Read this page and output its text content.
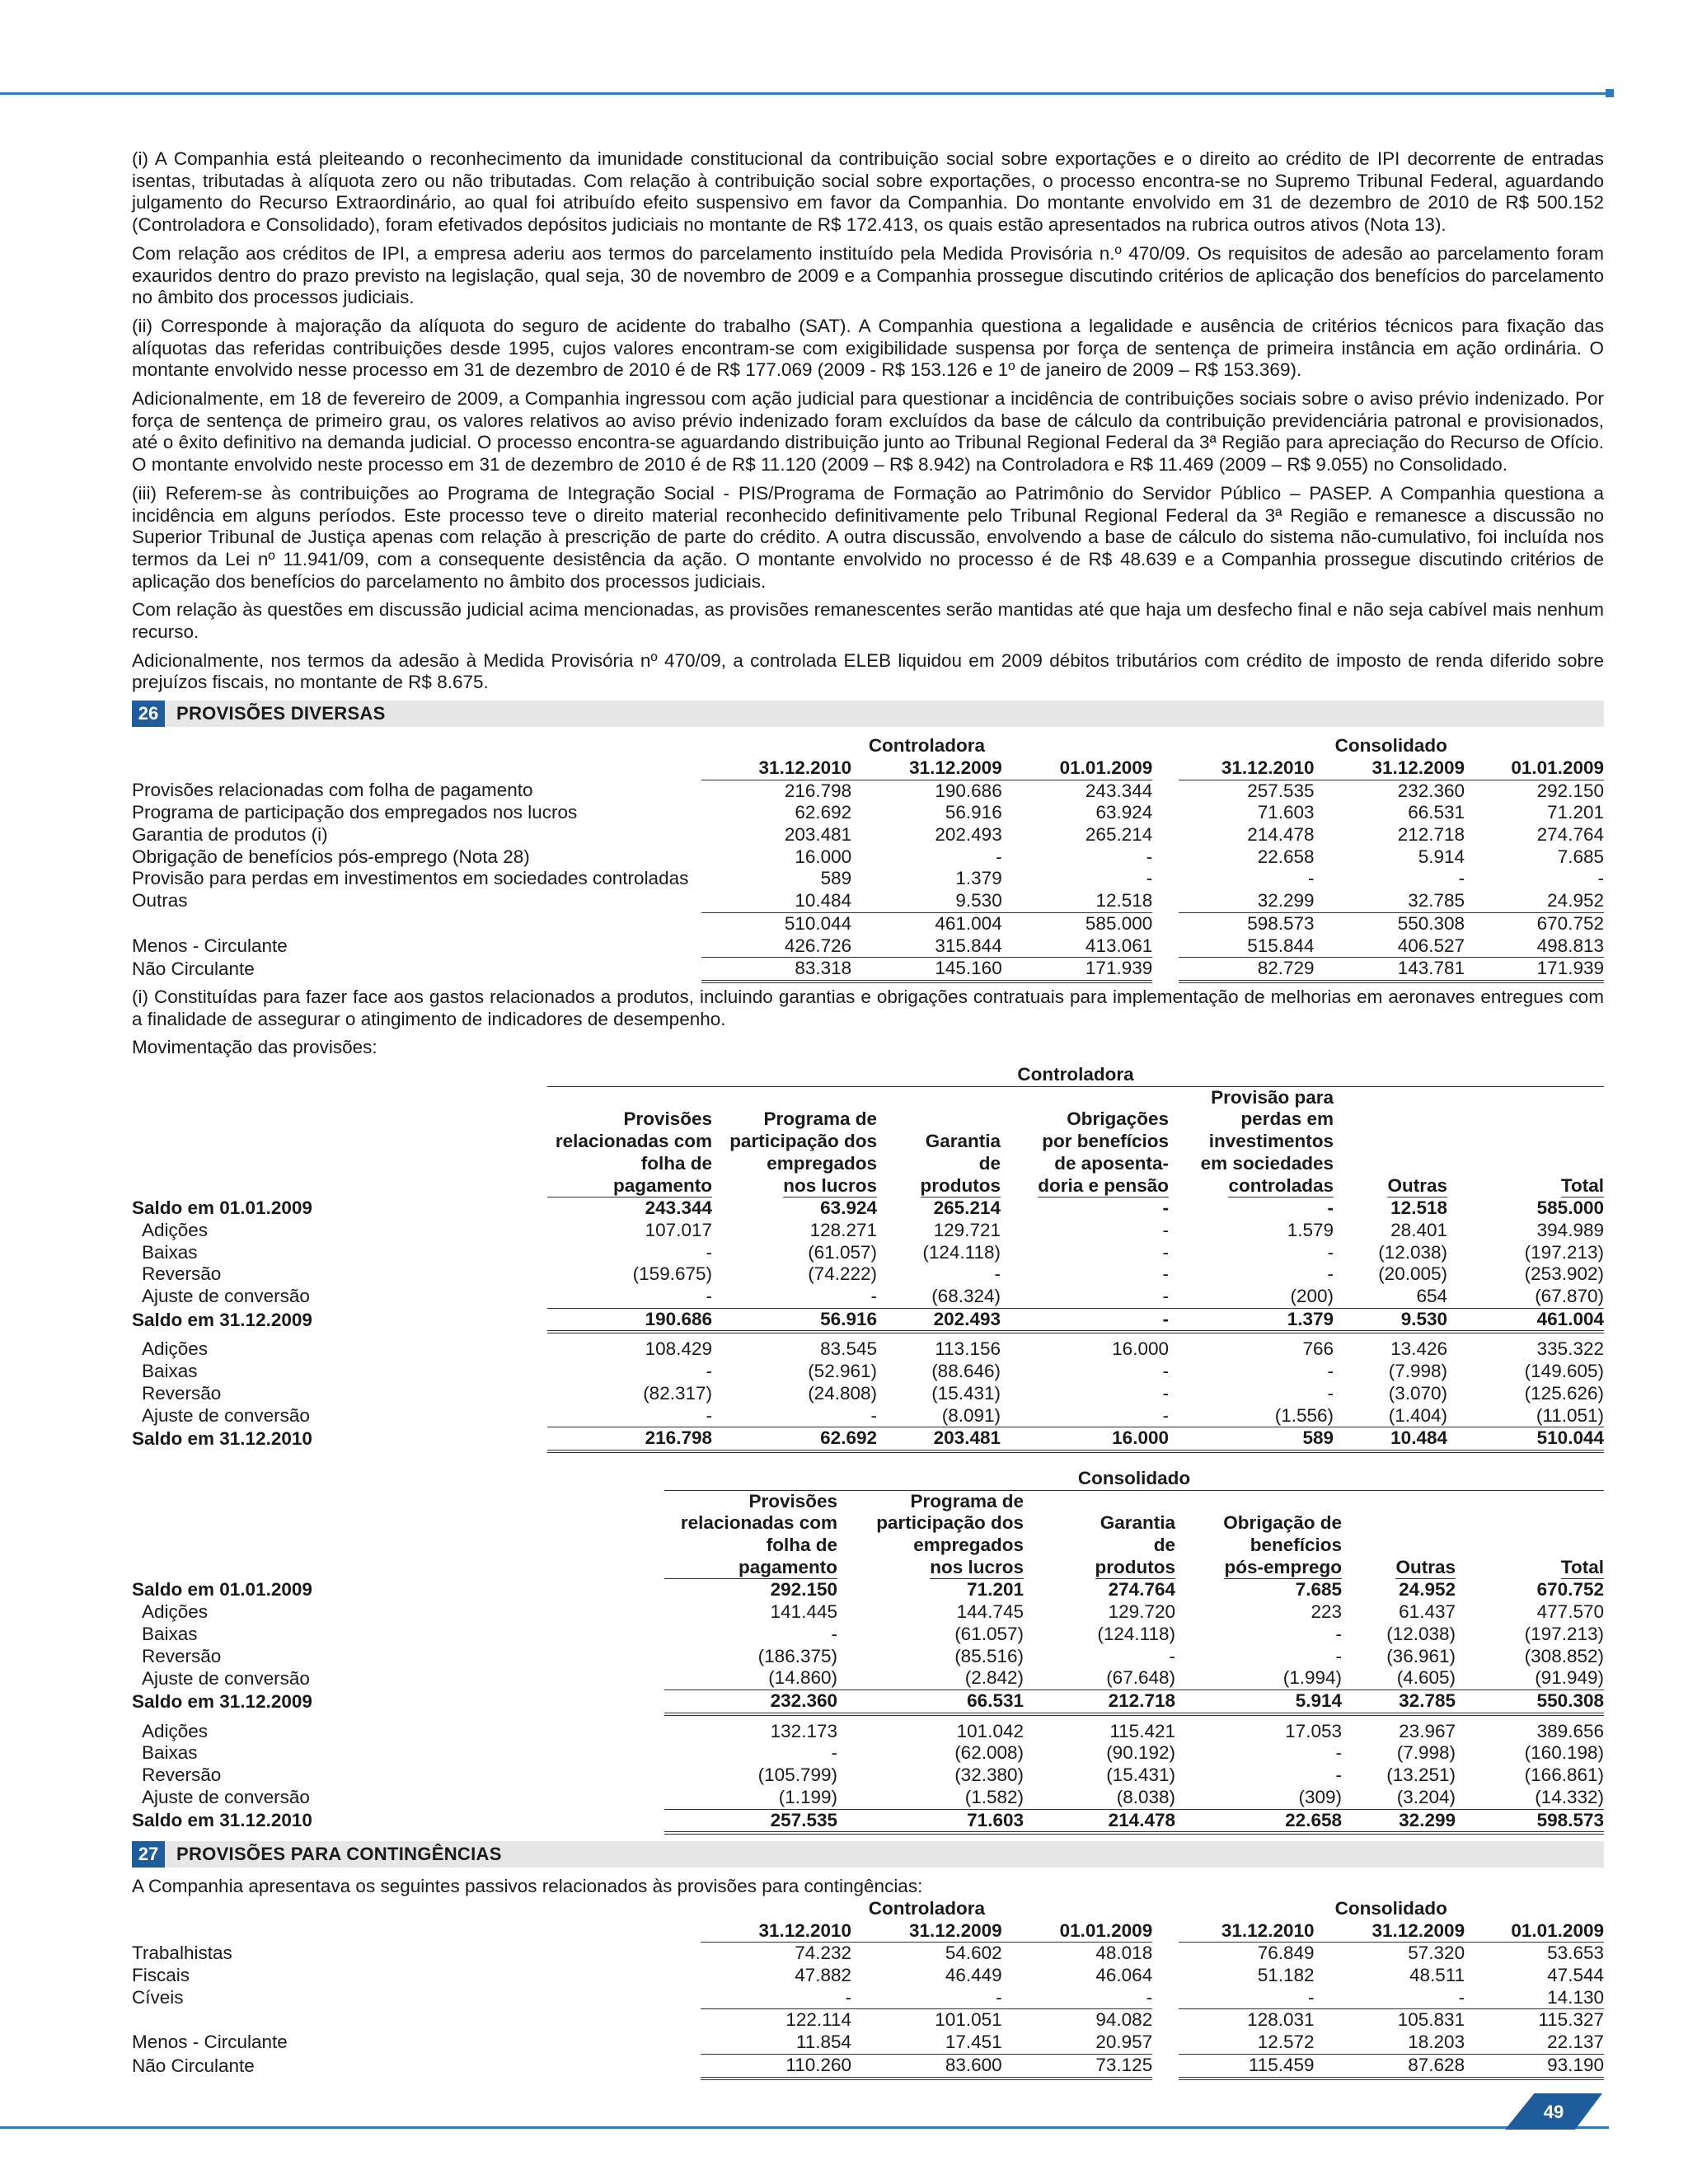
(i) A Companhia está pleiteando o reconhecimento da imunidade constitucional da contribuição social sobre exportações e o direito ao crédito de IPI decorrente de entradas isentas, tributadas à alíquota zero ou não tributadas. Com relação à contribuição social sobre exportações, o processo encontra-se no Supremo Tribunal Federal, aguardando julgamento do Recurso Extraordinário, ao qual foi atribuído efeito suspensivo em favor da Companhia. Do montante envolvido em 31 de dezembro de 2010 de R$ 500.152 (Controladora e Consolidado), foram efetivados depósitos judiciais no montante de R$ 172.413, os quais estão apresentados na rubrica outros ativos (Nota 13).

Com relação aos créditos de IPI, a empresa aderiu aos termos do parcelamento instituído pela Medida Provisória n.º 470/09. Os requisitos de adesão ao parcelamento foram exauridos dentro do prazo previsto na legislação, qual seja, 30 de novembro de 2009 e a Companhia prossegue discutindo critérios de aplicação dos benefícios do parcelamento no âmbito dos processos judiciais.

(ii) Corresponde à majoração da alíquota do seguro de acidente do trabalho (SAT). A Companhia questiona a legalidade e ausência de critérios técnicos para fixação das alíquotas das referidas contribuições desde 1995, cujos valores encontram-se com exigibilidade suspensa por força de sentença de primeira instância em ação ordinária. O montante envolvido nesse processo em 31 de dezembro de 2010 é de R$ 177.069 (2009 - R$ 153.126 e 1º de janeiro de 2009 – R$ 153.369).

Adicionalmente, em 18 de fevereiro de 2009, a Companhia ingressou com ação judicial para questionar a incidência de contribuições sociais sobre o aviso prévio indenizado. Por força de sentença de primeiro grau, os valores relativos ao aviso prévio indenizado foram excluídos da base de cálculo da contribuição previdenciária patronal e provisionados, até o êxito definitivo na demanda judicial. O processo encontra-se aguardando distribuição junto ao Tribunal Regional Federal da 3ª Região para apreciação do Recurso de Ofício. O montante envolvido neste processo em 31 de dezembro de 2010 é de R$ 11.120 (2009 – R$ 8.942) na Controladora e R$ 11.469 (2009 – R$ 9.055) no Consolidado.

(iii) Referem-se às contribuições ao Programa de Integração Social - PIS/Programa de Formação ao Patrimônio do Servidor Público – PASEP. A Companhia questiona a incidência em alguns períodos. Este processo teve o direito material reconhecido definitivamente pelo Tribunal Regional Federal da 3ª Região e remanesce a discussão no Superior Tribunal de Justiça apenas com relação à prescrição de parte do crédito. A outra discussão, envolvendo a base de cálculo do sistema não-cumulativo, foi incluída nos termos da Lei nº 11.941/09, com a consequente desistência da ação. O montante envolvido no processo é de R$ 48.639 e a Companhia prossegue discutindo critérios de aplicação dos benefícios do parcelamento no âmbito dos processos judiciais.

Com relação às questões em discussão judicial acima mencionadas, as provisões remanescentes serão mantidas até que haja um desfecho final e não seja cabível mais nenhum recurso.

Adicionalmente, nos termos da adesão à Medida Provisória nº 470/09, a controlada ELEB liquidou em 2009 débitos tributários com crédito de imposto de renda diferido sobre prejuízos fiscais, no montante de R$ 8.675.

26 PROVISÕES DIVERSAS
	Controladora				Consolidado		
	31.12.2010	31.12.2009	01.01.2009		31.12.2010	31.12.2009	01.01.2009
Provisões relacionadas com folha de pagamento	216.798	190.686	243.344		257.535	232.360	292.150
Programa de participação dos empregados nos lucros	62.692	56.916	63.924		71.603	66.531	71.201
Garantia de produtos (i)	203.481	202.493	265.214		214.478	212.718	274.764
Obrigação de benefícios pós-emprego (Nota 28)	16.000	-	-		22.658	5.914	7.685
Provisão para perdas em investimentos em sociedades controladas	589	1.379	-		-	-	-
Outras	10.484	9.530	12.518		32.299	32.785	24.952
	510.044	461.004	585.000		598.573	550.308	670.752
Menos - Circulante	426.726	315.844	413.061		515.844	406.527	498.813
Não Circulante	83.318	145.160	171.939		82.729	143.781	171.939

(i) Constituídas para fazer face aos gastos relacionados a produtos, incluindo garantias e obrigações contratuais para implementação de melhorias em aeronaves entregues com a finalidade de assegurar o atingimento de indicadores de desempenho.

Movimentação das provisões:

	Controladora						
	Provisões
relacionadas com
folha de pagamento	Programa de
participação dos
empregados
nos lucros	Garantia
de
produtos	Obrigações
por benefícios
de aposenta-
doria e pensão	Provisão para
perdas em
investimentos
em sociedades
controladas	Outras	Total
Saldo em 01.01.2009	243.344	63.924	265.214	-	-	12.518	585.000
Adições	107.017	128.271	129.721	-	1.579	28.401	394.989
Baixas	-	(61.057)	(124.118)	-	-	(12.038)	(197.213)
Reversão	(159.675)	(74.222)	-	-	-	(20.005)	(253.902)
Ajuste de conversão	-	-	(68.324)	-	(200)	654	(67.870)
Saldo em 31.12.2009	190.686	56.916	202.493	-	1.379	9.530	461.004

Adições	108.429	83.545	113.156	16.000	766	13.426	335.322
Baixas	-	(52.961)	(88.646)	-	-	(7.998)	(149.605)
Reversão	(82.317)	(24.808)	(15.431)	-	-	(3.070)	(125.626)
Ajuste de conversão	-	-	(8.091)	-	(1.556)	(1.404)	(11.051)
Saldo em 31.12.2010	216.798	62.692	203.481	16.000	589	10.484	510.044
	Consolidado					
	Provisões
relacionadas com
folha de pagamento	Programa de
participação dos
empregados
nos lucros	Garantia
de
produtos	Obrigação de
benefícios
pós-emprego	Outras	Total
Saldo em 01.01.2009	292.150	71.201	274.764	7.685	24.952	670.752
Adições	141.445	144.745	129.720	223	61.437	477.570
Baixas	-	(61.057)	(124.118)	-	(12.038)	(197.213)
Reversão	(186.375)	(85.516)	-	-	(36.961)	(308.852)
Ajuste de conversão	(14.860)	(2.842)	(67.648)	(1.994)	(4.605)	(91.949)
Saldo em 31.12.2009	232.360	66.531	212.718	5.914	32.785	550.308

Adições	132.173	101.042	115.421	17.053	23.967	389.656
Baixas	-	(62.008)	(90.192)	-	(7.998)	(160.198)
Reversão	(105.799)	(32.380)	(15.431)	-	(13.251)	(166.861)
Ajuste de conversão	(1.199)	(1.582)	(8.038)	(309)	(3.204)	(14.332)
Saldo em 31.12.2010	257.535	71.603	214.478	22.658	32.299	598.573
27 PROVISÕES PARA CONTINGÊNCIAS

A Companhia apresentava os seguintes passivos relacionados às provisões para contingências:

	Controladora				Consolidado		
	31.12.2010	31.12.2009	01.01.2009		31.12.2010	31.12.2009	01.01.2009
Trabalhistas	74.232	54.602	48.018		76.849	57.320	53.653
Fiscais	47.882	46.449	46.064		51.182	48.511	47.544
Cíveis	-	-	-		-	-	14.130
	122.114	101.051	94.082		128.031	105.831	115.327
Menos - Circulante	11.854	17.451	20.957		12.572	18.203	22.137
Não Circulante	110.260	83.600	73.125		115.459	87.628	93.190
49
